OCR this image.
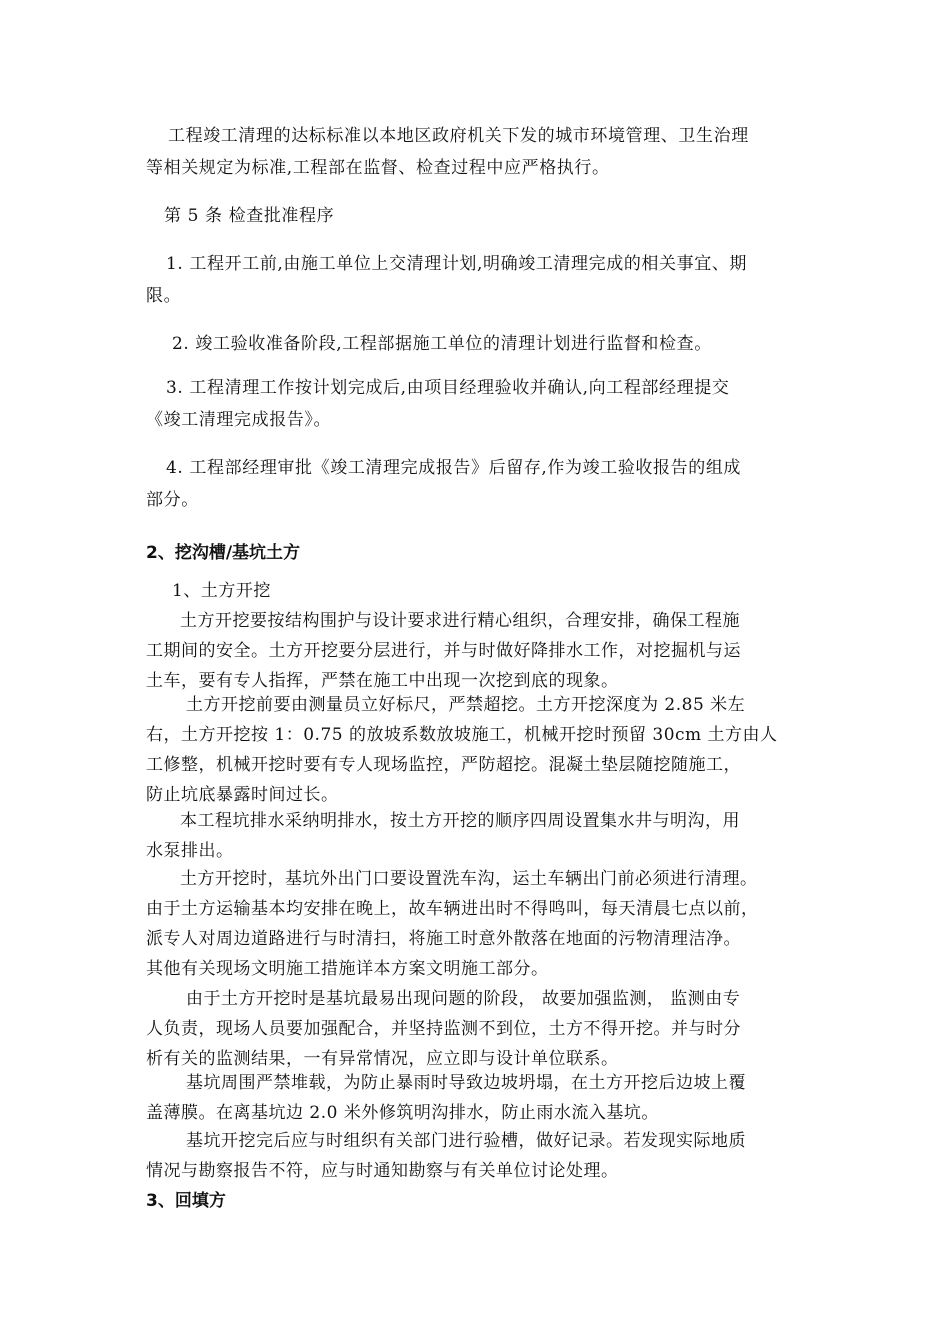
工程竣工清理的达标标准以本地区政府机关下发的城市环境管理、卫生治理
等相关规定为标准,工程部在监督、检查过程中应严格执行。
第 5 条 检查批准程序
1. 工程开工前,由施工单位上交清理计划,明确竣工清理完成的相关事宜、期
限。
2. 竣工验收准备阶段,工程部据施工单位的清理计划进行监督和检查。
3. 工程清理工作按计划完成后,由项目经理验收并确认,向工程部经理提交
《竣工清理完成报告》。
4. 工程部经理审批《竣工清理完成报告》后留存,作为竣工验收报告的组成
部分。
2、挖沟槽/基坑土方
1、土方开挖
土方开挖要按结构围护与设计要求进行精心组织，合理安排，确保工程施
工期间的安全。土方开挖要分层进行，并与时做好降排水工作，对挖掘机与运
土车，要有专人指挥，严禁在施工中出现一次挖到底的现象。
土方开挖前要由测量员立好标尺，严禁超挖。土方开挖深度为 2.85 米左
右，土方开挖按 1：0.75 的放坡系数放坡施工，机械开挖时预留 30cm 土方由人
工修整，机械开挖时要有专人现场监控，严防超挖。混凝土垫层随挖随施工，
防止坑底暴露时间过长。
本工程坑排水采纳明排水，按土方开挖的顺序四周设置集水井与明沟，用
水泵排出。
土方开挖时，基坑外出门口要设置洗车沟，运土车辆出门前必须进行清理。
由于土方运输基本均安排在晚上，故车辆进出时不得鸣叫，每天清晨七点以前，
派专人对周边道路进行与时清扫，将施工时意外散落在地面的污物清理洁净。
其他有关现场文明施工措施详本方案文明施工部分。
由于土方开挖时是基坑最易出现问题的阶段， 故要加强监测， 监测由专
人负责，现场人员要加强配合，并坚持监测不到位，土方不得开挖。并与时分
析有关的监测结果，一有异常情况，应立即与设计单位联系。
基坑周围严禁堆载，为防止暴雨时导致边坡坍塌，在土方开挖后边坡上覆
盖薄膜。在离基坑边 2.0 米外修筑明沟排水，防止雨水流入基坑。
基坑开挖完后应与时组织有关部门进行验槽，做好记录。若发现实际地质
情况与勘察报告不符，应与时通知勘察与有关单位讨论处理。
3、回填方
